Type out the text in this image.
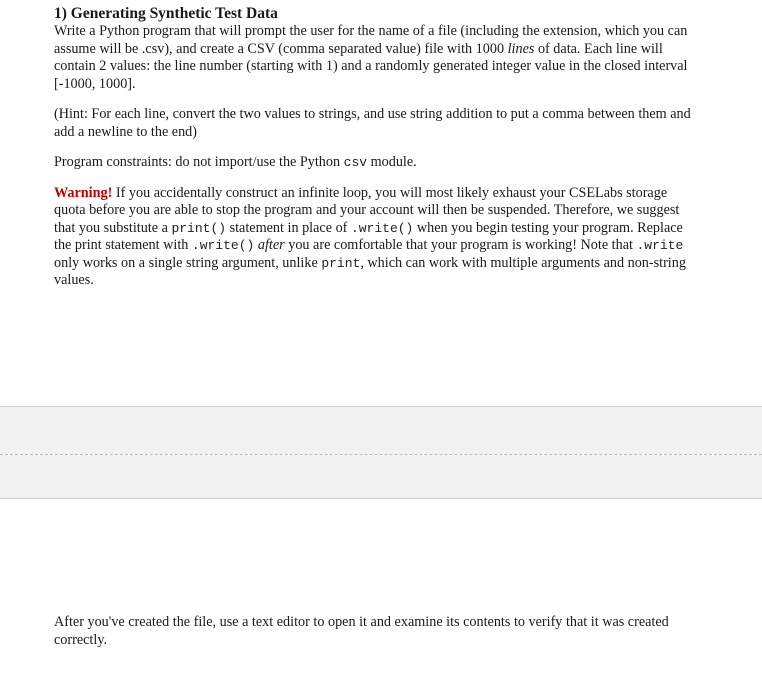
1) Generating Synthetic Test Data

Write a Python program that will prompt the user for the name of a file (including the extension, which you can assume will be .csv), and create a CSV (comma separated value) file with 1000 lines of data. Each line will contain 2 values: the line number (starting with 1) and a randomly generated integer value in the closed interval [-1000, 1000].

(Hint: For each line, convert the two values to strings, and use string addition to put a comma between them and add a newline to the end)

Program constraints: do not import/use the Python csv module.

Warning! If you accidentally construct an infinite loop, you will most likely exhaust your CSELabs storage quota before you are able to stop the program and your account will then be suspended. Therefore, we suggest that you substitute a print() statement in place of .write() when you begin testing your program. Replace the print statement with .write() after you are comfortable that your program is working! Note that .write only works on a single string argument, unlike print, which can work with multiple arguments and non-string values.

After you've created the file, use a text editor to open it and examine its contents to verify that it was created correctly.
